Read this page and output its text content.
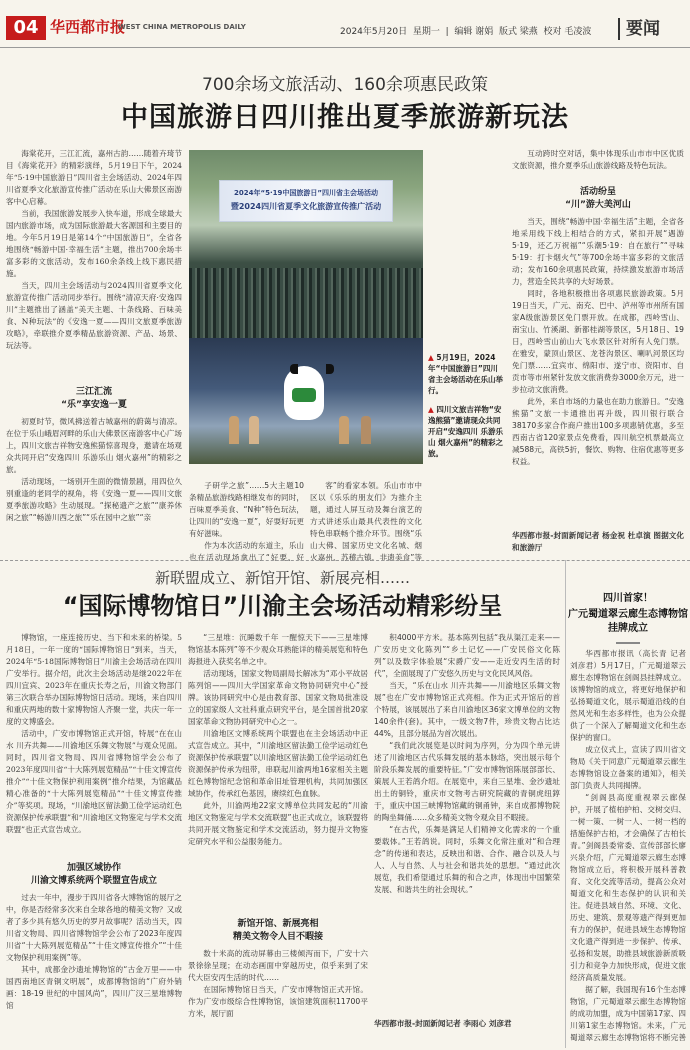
04 华西都市报
WEST CHINA METROPOLIS DAILY	2024年5月20日 星期一  |  编辑 谢娟 版式 梁燕 校对 毛凌波	要闻
700余场文旅活动、160余项惠民政策
中国旅游日四川推出夏季旅游新玩法

海棠花开，三江汇流，嘉州古韵……随着卉琦节目《海棠花开》的精彩演绎，5月19日下午，2024年“5·19中国旅游日”四川省主会场活动、2024年四川省夏季文化旅游宣传推广活动在乐山大佛景区南游客中心启幕。

当前，我国旅游发展步入快车道，形成全球最大国内旅游市场，成为国际旅游最大客源国和主要目的地。今年5月19日是第14个“中国旅游日”，全省各地围绕“畅游中国·幸福生活”主题，推出700余场丰富多彩的文旅活动，发布160余条线上线下惠民措施。

当天，四川主会场活动与2024四川省夏季文化旅游宣传推广活动同步举行。围绕“清凉天府·安逸四川”主题推出了涵盖“美天主题、十条线路、百味美食、N种玩法”的《安逸一夏——四川文旅夏季旅游攻略》，牵联推介夏季精品旅游资源、产品、场景、玩法等。

三江汇流
“乐”享安逸一夏

初夏时节，微风拂送着古城嘉州的蔚蔼与清凉。在位于乐山峨眉河畔的乐山大佛景区南游客中心广场上，四川文旅吉祥物安逸熊猫惊喜现身，邀请在场观众共同开启“安逸四川 乐游乐山 烟火嘉州”的精彩之旅。

活动现场，一场别开生面的微情景剧，用四位久别重逢的老同学的视角，将《安逸一夏——四川文旅夏季旅游攻略》生动展现。“探秘遗产之旅”“康养休闲之旅”“畅游川西之旅”“乐在园中之旅”“亲

2024年“5·19中国旅游日”四川省主会场活动
暨2024四川省夏季文化旅游宣传推广活动
▲ 5月19日，2024年“中国旅游日”四川省主会场活动在乐山举行。
▲ 四川文旅吉祥物“安逸熊猫”邀请现众共同开启“安逸四川 乐游乐山 烟火嘉州”的精彩之旅。

子研学之旅”……5大主题10条精品旅游线路相继发布的同时，百味夏季美食、“N种”特色玩法，让四川的“安逸一夏”，好耍好玩更有好滋味。

作为本次活动的东道主，乐山也在活动现场拿出了“好要、好

客”的看家本领。乐山市市中区以《乐乐的朋友们》为推介主题，通过人屏互动及舞台演艺的方式讲述乐山最具代表性的文化特色串联畅个推介环节。围绕“乐山大佛、国家历史文化名城、烟火嘉州、苏稽古镇、非遗美食”等

互动跨时空对话，集中体现乐山市市中区优质文旅资源，推介夏季乐山旅游线路及特色玩法。

活动纷呈
“川”游大美河山

当天，围绕“畅游中国·幸福生活”主题，全省各地采用线下线上相结合的方式，紧扣开展“遇游5·19，还乙万祝福”“乐潮5·19：自在旅行”“寻味5·19：打卡烟火气”等700余场丰富多彩的文旅活动；发布160余项惠民政策，持续激发旅游市场活力，营造全民共享的大好场景。

同时，各地积极推出各项惠民旅游政策。5月19日当天，广元、南充、巴中、泸州等市州所有国家A级旅游景区免门票开放。在成都，西岭雪山、南宝山、竹溪湖、新都桂湖等景区，5月18日、19日，西岭雪山前山大飞水景区针对所有人免门票。在雅安，蒙顶山景区、龙苍沟景区、喇叭河景区均免门票……宜宾市、绵阳市、遂宁市、资阳市、自贡市等市州紧针发放文旅消费券3000余万元，进一步拉动文旅消费。

此外，来自市场的力量也在助力旅游日。“安逸熊猫”文旅一卡通推出再升级，四川银行联合38170多家合作商户推出100多项惠销优惠，多至西南古省120家景点免费看，四川航空机票最高立减588元，高铁5折，餐饮、购物、住宿优惠等更多权益。

华西都市报-封面新闻记者 杨金祝 杜卓演 图据文化和旅游厅
新联盟成立、新馆开馆、新展亮相……
“国际博物馆日”川渝主会场活动精彩纷呈

博物馆，一座连接历史、当下和未来的桥梁。5月18日，一年一度的“国际博物馆日”到来，当天，2024年“5·18国际博物馆日”川渝主会场活动在四川广安举行。据介绍，此次主会场活动是继2022年在四川宜宾、2023年在重庆长寿之后，川渝文物部门第三次联合举办国际博物馆日活动。现场，来自四川和重庆两地的数十家博物馆人齐聚一堂，共庆一年一度的文博盛会。

活动中，广安市博物馆正式开馆，特展“在在山水 川卉共舞——川渝地区乐舞文物展”与观众见面。同时，四川省文物局、四川省博物馆学会公布了2023年度四川省“十大陈列展览精品”“十佳文博宣传推介”“十佳文物保护利用案例”推介结果，为馆藏品精心准备的“十大陈列展览精品”“十佳文博宣传推介”等奖项。现场，“川渝地区留法勤工俭学运动红色资源保护传承联盟”和“川渝地区文物鉴定与学术交流联盟”也正式宣告成立。

加强区域协作
川渝文博系统两个联盟宣告成立

过去一年中，漫步于四川省各大博物馆的展厅之中，你是否经常多次来自全球各地的精美文物？又或者了多少具有悠久历史的罗月故事呢？活动当天，四川省文物局、四川省博物馆学会公布了2023年度四川省“十大陈列展览精品”“十佳文博宣传推介”“十佳文物保护利用案例”等。

其中，成都金沙遗址博物馆的“古金万里——中国西南地区青铜文明展”，成都博物馆的“广府外销画：18-19 世纪的中国风尚”，四川广汉三星堆博物馆

“三星堆：沉睡数千年 一醒惊天下——三星堆博物馆基本陈列”等不少观众耳熟能详的精美展览和特色海报进入获奖名单之中。

活动现场，国家文物局副局长解冰为“邓小平故居陈列馆——四川大学国家革命文物协同研究中心”授牌。该协同研究中心是由教育部、国家文物局批准设立的国家级人文社科重点研究平台，是全国首批20家国家革命文物协同研究中心之一。

川渝地区文博系统两个联盟也在主会场活动中正式宣告成立。其中，“川渝地区留法勤工俭学运动红色资源保护传承联盟”以川渝地区留法勤工俭学运动红色资源保护传承为纽带，串联起川渝两地16家相关主题红色博物馆纪念馆和革命旧址管理机构，共同加强区域协作，传承红色基因，赓续红色血脉。

此外，川渝两地22家文博单位共同发起的“川渝地区文物鉴定与学术交流联盟”也正式成立，该联盟将共同开展文物鉴定和学术交流活动，努力提升文物鉴定研究水平和公益服务能力。

新馆开馆、新展亮相
精美文物令人目不暇接

数十米高的流动屏幕由三楼倾泻而下，广安十六景徐徐呈现；在动态画面中穿越历史，似乎来到了宋代大臣安丙生活的时代……

在国际博物馆日当天，广安市博物馆正式开馆。作为广安市级综合性博物馆，该馆建筑面积11700平方米，展厅面

积4000平方米。基本陈列包括“我从渠江走来——广安历史文化陈列”“乡土记忆——广安民俗文化陈列”以及数字体验展“宋爵广安——走近安丙生活的时代”，全面展现了广安悠久历史与文化民风风俗。

当天，“乐在山水 川卉共舞——川渝地区乐舞文物展”也在广安市博物馆正式亮相。作为正式开馆后的首个特展，该展展出了来自川渝地区36家文博单位的文物140余件(套)。其中，一级文物7件，珍贵文物占比达44%，且部分展品为首次展出。

“我们此次展览是以时间为序列，分为四个单元讲述了川渝地区古代乐舞发展的基本脉络，突出展示每个阶段乐舞发展的重要特征。”广安市博物馆陈展部部长、策展人王若鸽介绍。在展览中，来自三星堆、金沙遗址出土的铜铃，重庆市文物考古研究院藏的青铜虎纽錞于，重庆中国三峡博物馆藏的铜甬钟，来自成都博物院的陶坐舞俑……众多精美文物令观众目不暇接。

“在古代，乐舞是满足人们精神文化需求的一个重要载体。”王若鸽说。同时，乐舞文化常注重对“和合理念”的传递和表达，反映出和谐、合作、融合以及人与人、人与自然、人与社会和谐共处的思想。“通过此次展览，我们希望通过乐舞的和合之声，体现出中国繁荣发展、和谐共生的社会现状。”

华西都市报-封面新闻记者 李雨心 刘彦君
四川首家！
广元蜀道翠云廊生态博物馆挂牌成立

华西都市报讯（高长青 记者 刘彦君）5月17日，广元蜀道翠云廊生态博物馆在剑阁县挂牌成立。该博物馆的成立，将更好地保护和弘扬蜀道文化，展示蜀道沿线的自然风光和生态多样性，也为公众提供了一个深入了解蜀道文化和生态保护的窗口。

成立仪式上，宣读了四川省文物局《关于同意广元蜀道翠云廊生态博物馆设立备案的通知》，相关部门负责人共同揭牌。

“剑阁县高度重视翠云廊保护，开展了植柏护柏、交树交归、一树一策、一树一人、一树一档的措施保护古柏，才会确保了古柏长青。”剑阁县委常委、宣传部部长廖兴泉介绍，广元蜀道翠云廊生态博物馆成立后，将积极开展科普教育、文化交流等活动，提高公众对蜀道文化和生态保护的认识和关注。促进县域自然、环境、文化、历史、建筑、景观等遗产得到更加有力的保护，促进县域生态博物馆文化遗产得到进一步保护、传承、弘扬和发展，助推县域旅游新质吸引力和竞争力加快形成，促进文旅经济高质量发展。

据了解，我国现有16个生态博物馆，广元蜀道翠云廊生态博物馆的成功加盟，成为中国第17家、四川第1家生态博物馆。未来，广元蜀道翠云廊生态博物馆将不断完善
